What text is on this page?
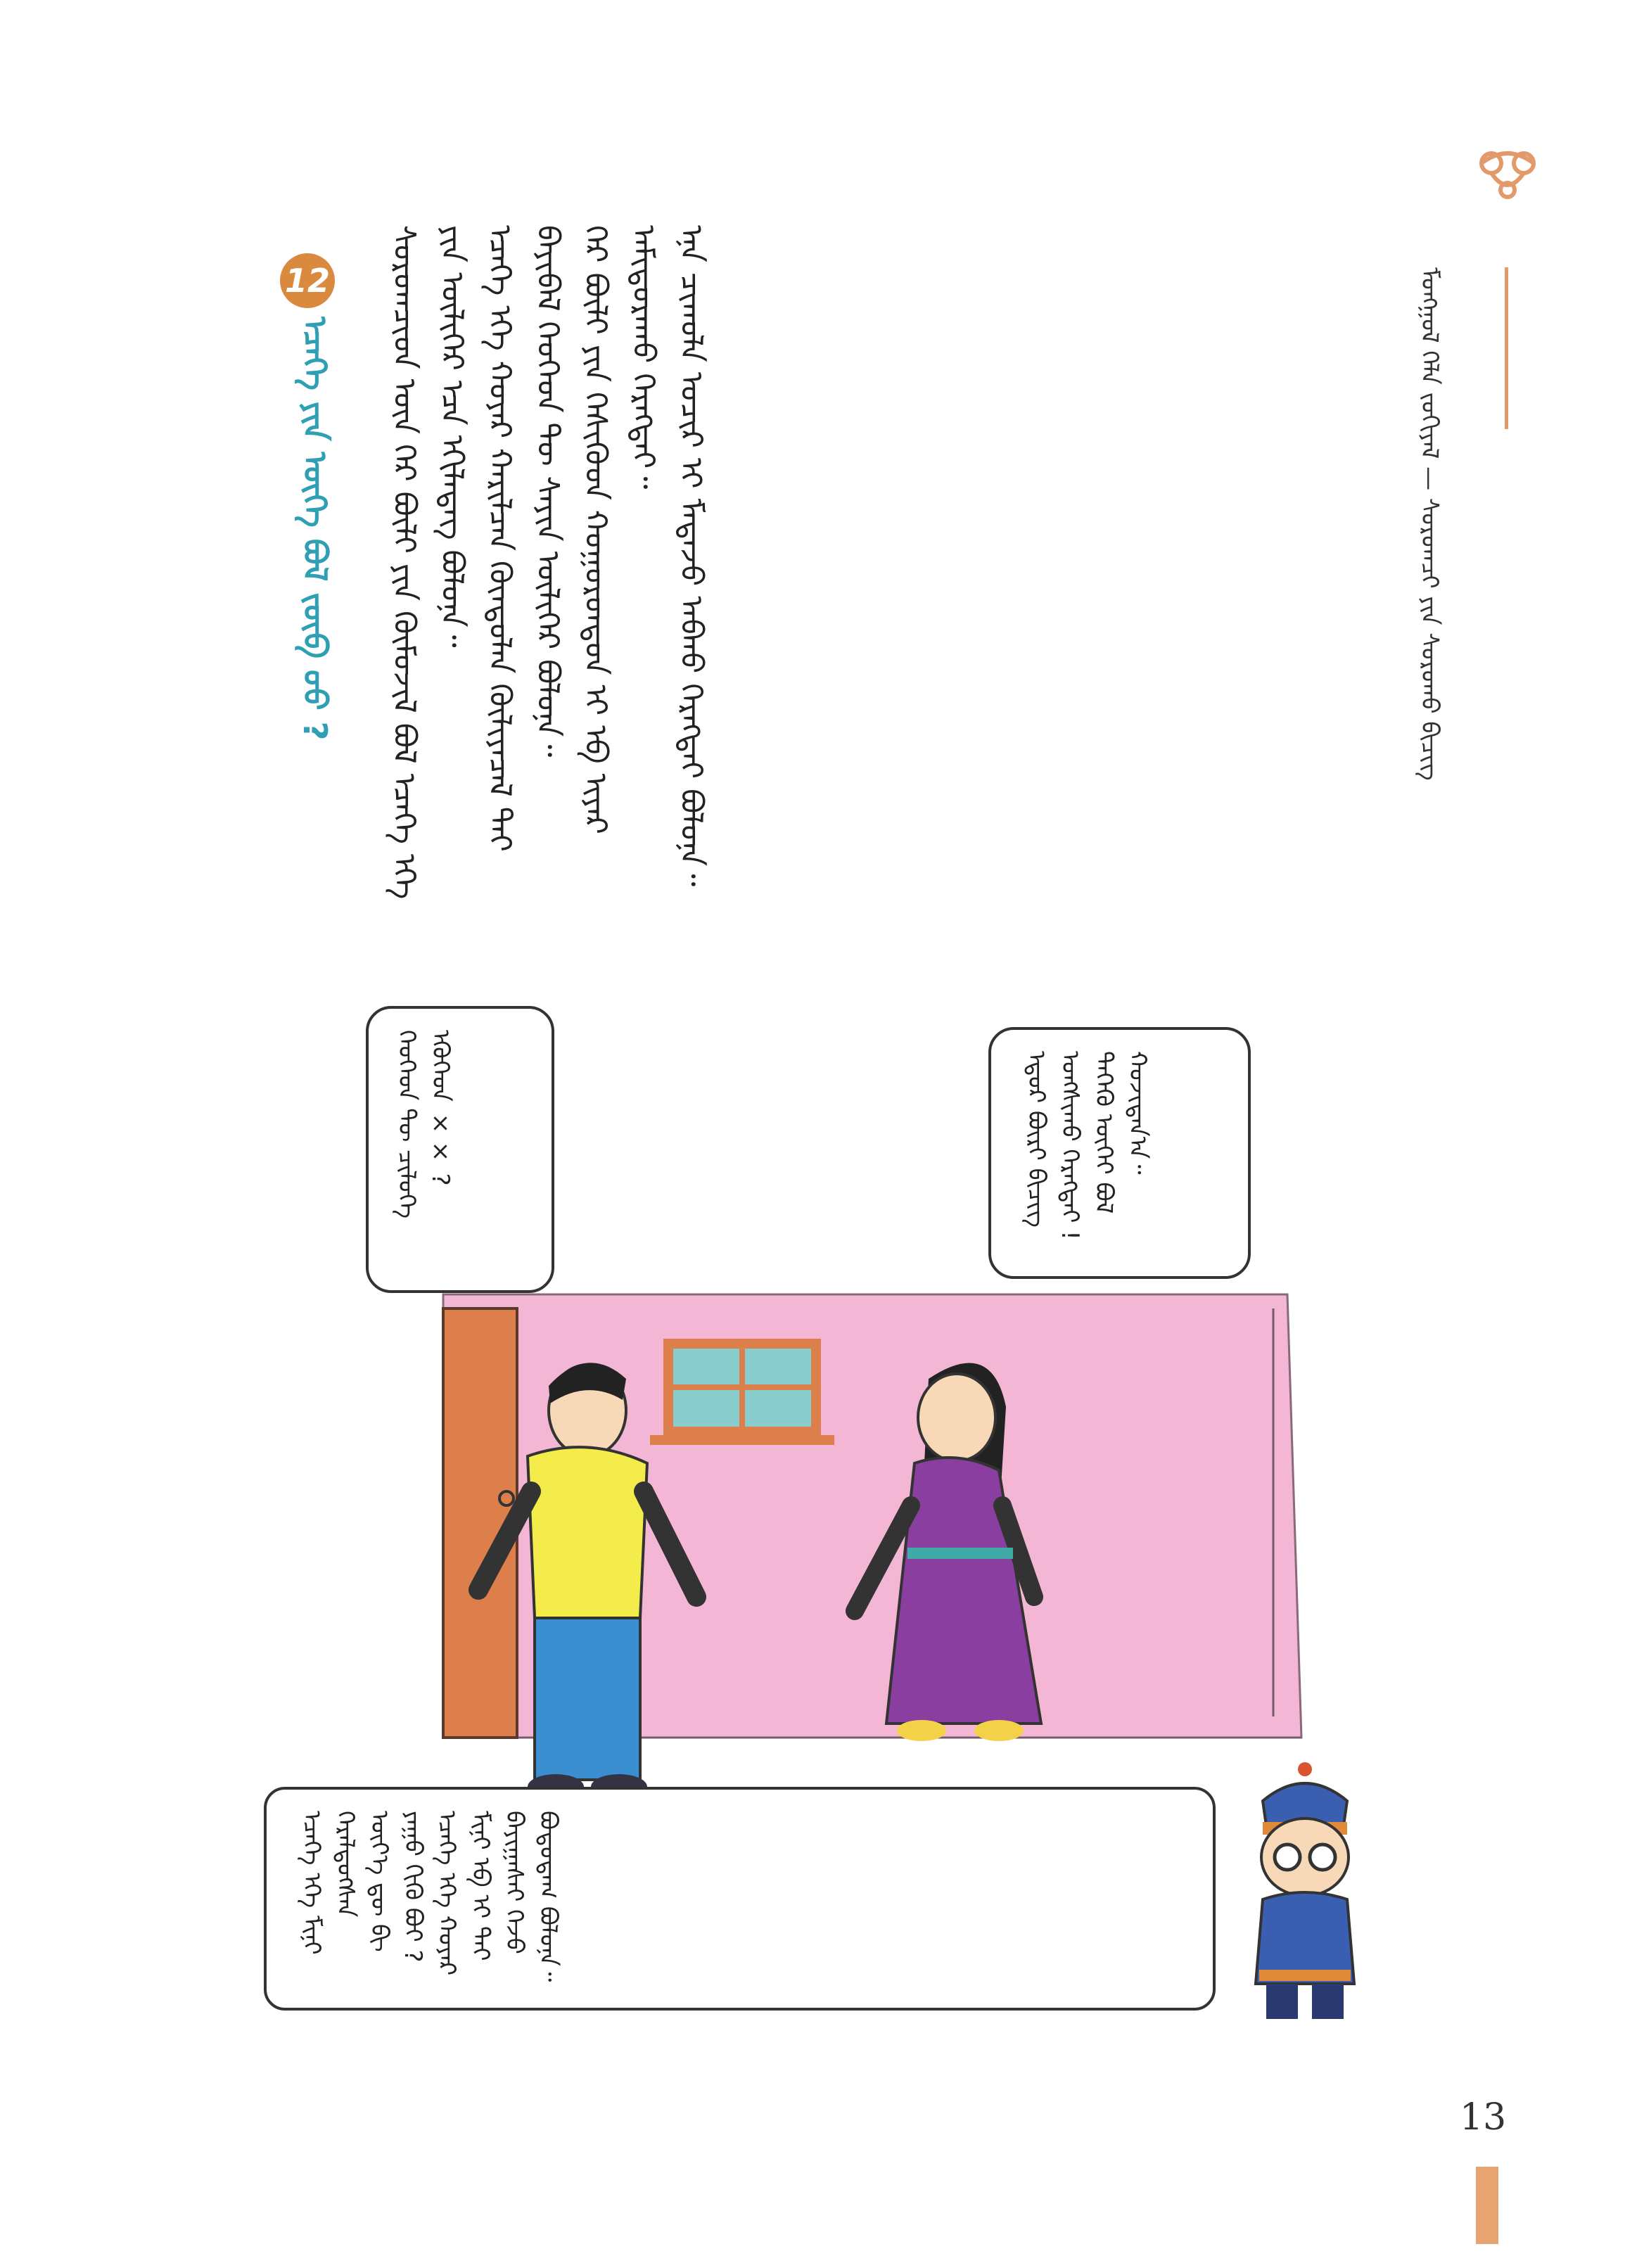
ᠮᠣᠩᠭᠣᠯ ᠬᠡᠯᠡ ᠵᠣᠬᠢᠶᠠᠯ — ᠰᠤᠷᠤᠭᠴᠢ ᠶᠢᠨ ᠰᠤᠷᠤᠬᠤ ᠪᠢᠴᠢᠭ

ᠰᠤᠷᠤᠭᠴᠢᠳ ᠦᠨ ᠭᠡᠷ ᠪᠦᠯᠢ ᠶᠢᠨ ᠬᠥᠮᠦᠵᠢᠯ ᠪᠣᠯ ᠡᠴᠡᠭᠡ ᠡᠬᠡ ᠶᠢᠨ ᠦᠯᠢᠭᠡᠷ ᠡᠴᠡ ᠡᠬᠢᠯᠡᠳᠡᠭ ᠪᠣᠯᠤᠨᠠ᠃ ᠡᠴᠡᠭᠡ ᠡᠬᠡ ᠬᠣᠶᠠᠷ ᠬᠠᠷᠢᠯᠴᠠᠨ ᠬᠦᠨᠳᠦᠯᠡᠨ ᠬᠦᠯᠢᠶᠡᠴᠡᠯ ᠲᠡᠢ ᠪᠠᠶᠢᠪᠠᠯ ᠬᠡᠦᠬᠡᠳ ᠲᠦ ᠰᠠᠶᠢᠨ ᠦᠯᠢᠭᠡᠷ ᠪᠣᠯᠤᠨᠠ᠃ ᠭᠡᠷ ᠪᠦᠯᠢ ᠶᠢᠨ ᠭᠡᠰᠢᠭᠦᠳ ᠬᠣᠭᠣᠷᠣᠨᠳᠣᠨ ᠡᠶ ᠡᠪ ᠢᠶᠡᠷ ᠠᠮᠢᠳᠤᠷᠠᠬᠤ ᠬᠡᠷᠡᠭᠲᠡᠢ᠃ ᠡᠨᠡ ᠴᠢᠬᠤᠯᠠ ᠤᠴᠢᠷ ᠢ ᠮᠡᠳᠡᠵᠦ ᠠᠪᠬᠤ ᠬᠡᠷᠡᠭᠲᠡᠢ ᠪᠣᠯᠤᠨᠠ᠃

12
ᠡᠴᠡᠭᠡ ᠶᠢᠨ ᠦᠭᠡ ᠪᠣᠯ ᠵᠥᠪ ᠦᠦ ?
ᠡᠳᠦᠷ ᠪᠦᠷᠢ ᠪᠢᠴᠢᠭ ᠤᠩᠰᠢᠬᠤ ᠬᠡᠷᠡᠭᠲᠡᠢ ! ᠲᠡᠭᠡᠬᠦ ᠦᠭᠡᠢ ᠪᠣᠯ ᠬᠣᠵᠢᠳᠠᠨ᠎ᠠ᠃
ᠬᠡᠦᠬᠡᠳ ᠲᠦ ᠴᠢᠯᠦᠭᠡ ᠡᠭᠦᠭᠡᠳ ×× ?
ᠡᠴᠡᠭᠡ ᠡᠬᠡ ᠮᠢᠨᠢ ᠬᠡᠷᠡᠯᠳᠦᠭᠰᠡᠨ ᠦᠶ᠎ᠡ ᠳᠦ ᠪᠢ ᠶᠠᠭᠤ ᠬᠢᠬᠦ ᠪᠤᠢ ? ᠡᠴᠡᠭᠡ ᠡᠬᠡ ᠬᠣᠶᠠᠷ ᠮᠢᠨᠢ ᠡᠪ ᠡᠶ ᠲᠡᠢ ᠪᠠᠶᠢᠭᠠᠰᠠᠢ ᠭᠡᠵᠦ ᠪᠣᠳᠣᠳᠠᠭ ᠪᠣᠯᠤᠨᠠ᠃
13
